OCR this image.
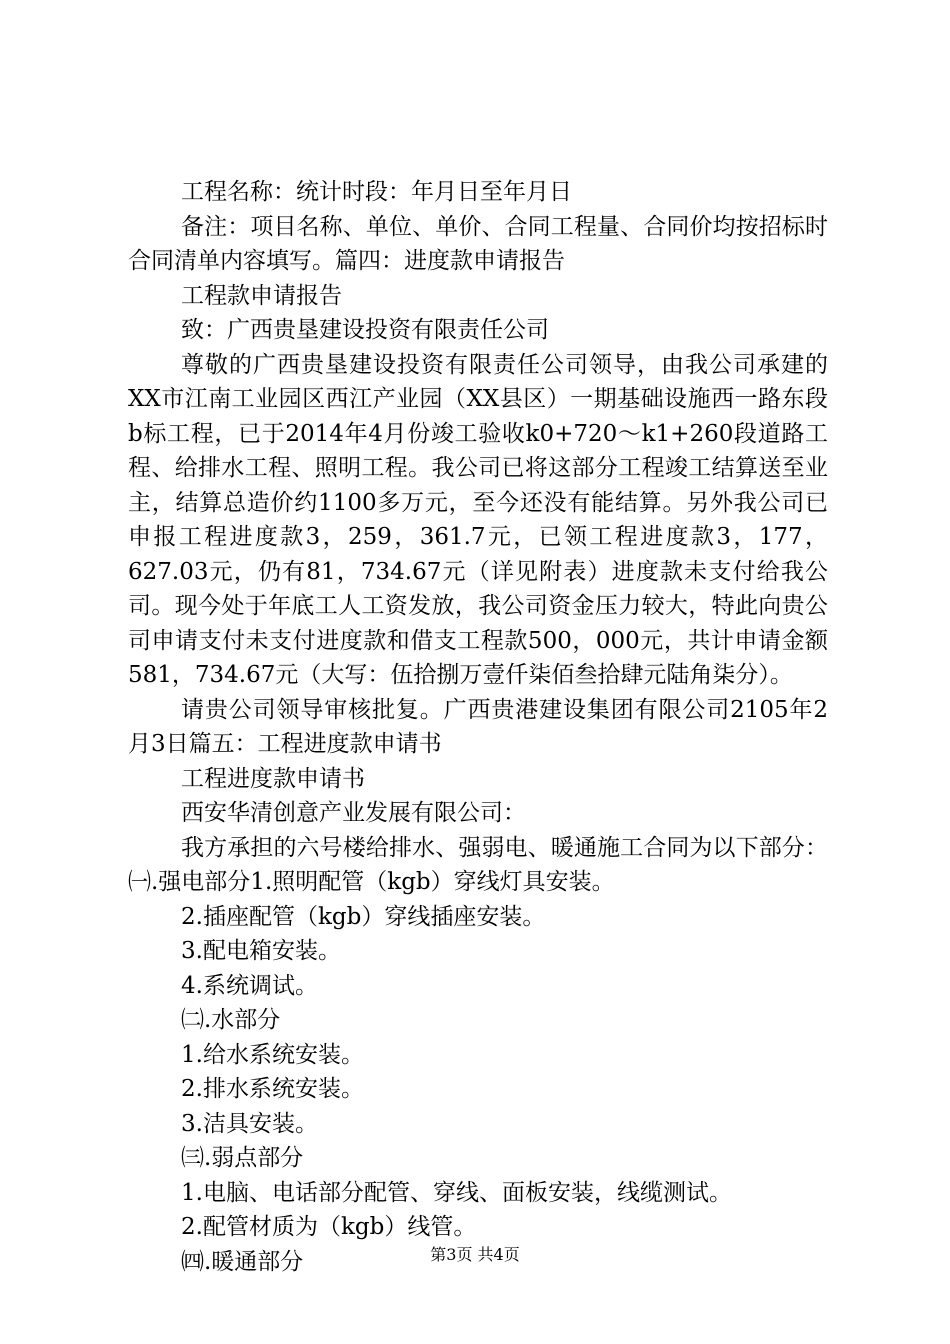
工程名称：统计时段：年月日至年月日

备注：项目名称、单位、单价、合同工程量、合同价均按招标时合同清单内容填写。篇四：进度款申请报告

工程款申请报告

致：广西贵垦建设投资有限责任公司

尊敬的广西贵垦建设投资有限责任公司领导，由我公司承建的XX市江南工业园区西江产业园（XX县区）一期基础设施西一路东段b标工程，已于2014年4月份竣工验收k0+720～k1+260段道路工程、给排水工程、照明工程。我公司已将这部分工程竣工结算送至业主，结算总造价约1100多万元，至今还没有能结算。另外我公司已申报工程进度款3，259，361.7元，已领工程进度款3，177，627.03元，仍有81，734.67元（详见附表）进度款未支付给我公司。现今处于年底工人工资发放，我公司资金压力较大，特此向贵公司申请支付未支付进度款和借支工程款500，000元，共计申请金额581，734.67元（大写：伍拾捌万壹仟柒佰叁拾肆元陆角柒分）。

请贵公司领导审核批复。广西贵港建设集团有限公司2105年2月3日篇五：工程进度款申请书

工程进度款申请书

西安华清创意产业发展有限公司：

我方承担的六号楼给排水、强弱电、暖通施工合同为以下部分：㈠.强电部分1.照明配管（kgb）穿线灯具安装。

2.插座配管（kgb）穿线插座安装。

3.配电箱安装。

4.系统调试。

㈡.水部分

1.给水系统安装。

2.排水系统安装。

3.洁具安装。

㈢.弱点部分

1.电脑、电话部分配管、穿线、面板安装，线缆测试。

2.配管材质为（kgb）线管。

㈣.暖通部分	第3页 共4页
